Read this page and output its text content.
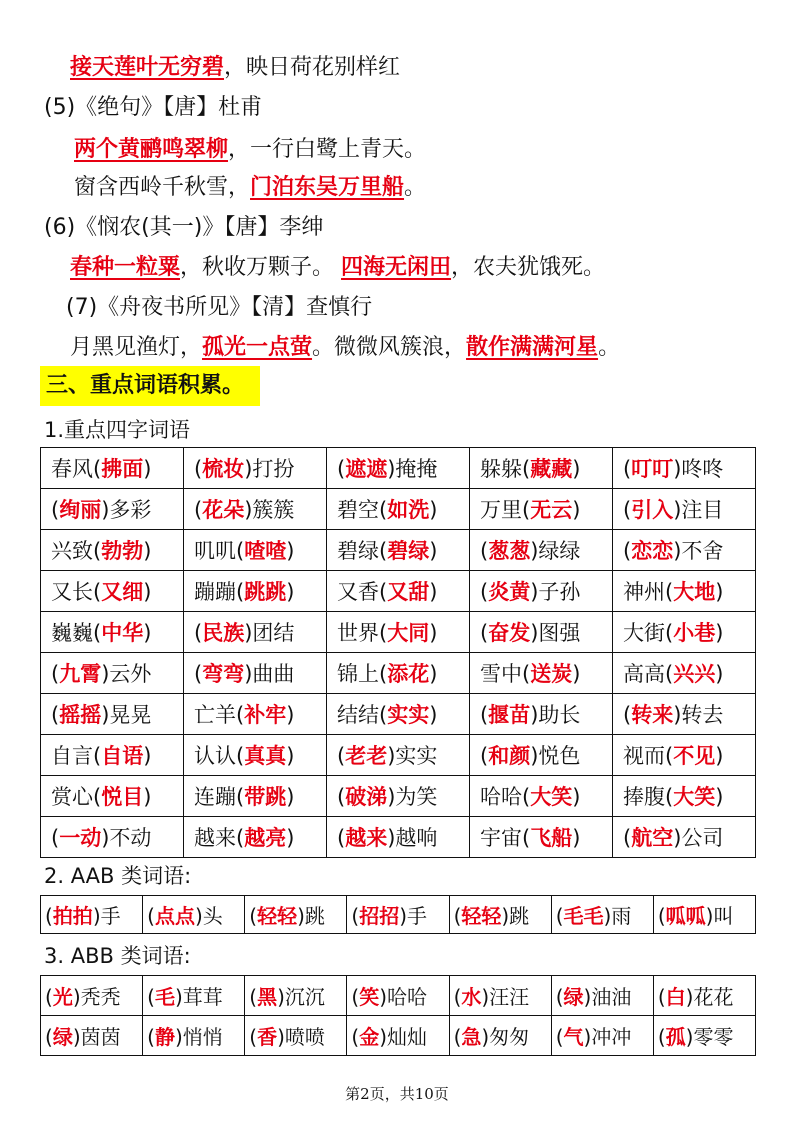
接天莲叶无穷碧，映日荷花别样红
(5)《绝句》【唐】杜甫
两个黄鹂鸣翠柳，一行白鹭上青天。
窗含西岭千秋雪，门泊东吴万里船。
(6)《悯农(其一)》【唐】李绅
春种一粒粟，秋收万颗子。 四海无闲田，农夫犹饿死。
(7)《舟夜书所见》【清】查慎行
月黑见渔灯，孤光一点萤。微微风簇浪，散作满满河星。
三、重点词语积累。
1.重点四字词语
春风(拂面)	(梳妆)打扮	(遮遮)掩掩	躲躲(藏藏)	(叮叮)咚咚
(绚丽)多彩	(花朵)簇簇	碧空(如洗)	万里(无云)	(引入)注目
兴致(勃勃)	叽叽(喳喳)	碧绿(碧绿)	(葱葱)绿绿	(恋恋)不舍
又长(又细)	蹦蹦(跳跳)	又香(又甜)	(炎黄)子孙	神州(大地)
巍巍(中华)	(民族)团结	世界(大同)	(奋发)图强	大街(小巷)
(九霄)云外	(弯弯)曲曲	锦上(添花)	雪中(送炭)	高高(兴兴)
(摇摇)晃晃	亡羊(补牢)	结结(实实)	(揠苗)助长	(转来)转去
自言(自语)	认认(真真)	(老老)实实	(和颜)悦色	视而(不见)
赏心(悦目)	连蹦(带跳)	(破涕)为笑	哈哈(大笑)	捧腹(大笑)
(一动)不动	越来(越亮)	(越来)越响	宇宙(飞船)	(航空)公司
2. AAB 类词语:
(拍拍)手	(点点)头	(轻轻)跳	(招招)手	(轻轻)跳	(毛毛)雨	(呱呱)叫
3. ABB 类词语:
(光)秃秃	(毛)茸茸	(黑)沉沉	(笑)哈哈	(水)汪汪	(绿)油油	(白)花花
(绿)茵茵	(静)悄悄	(香)喷喷	(金)灿灿	(急)匆匆	(气)冲冲	(孤)零零
第2页，共10页
